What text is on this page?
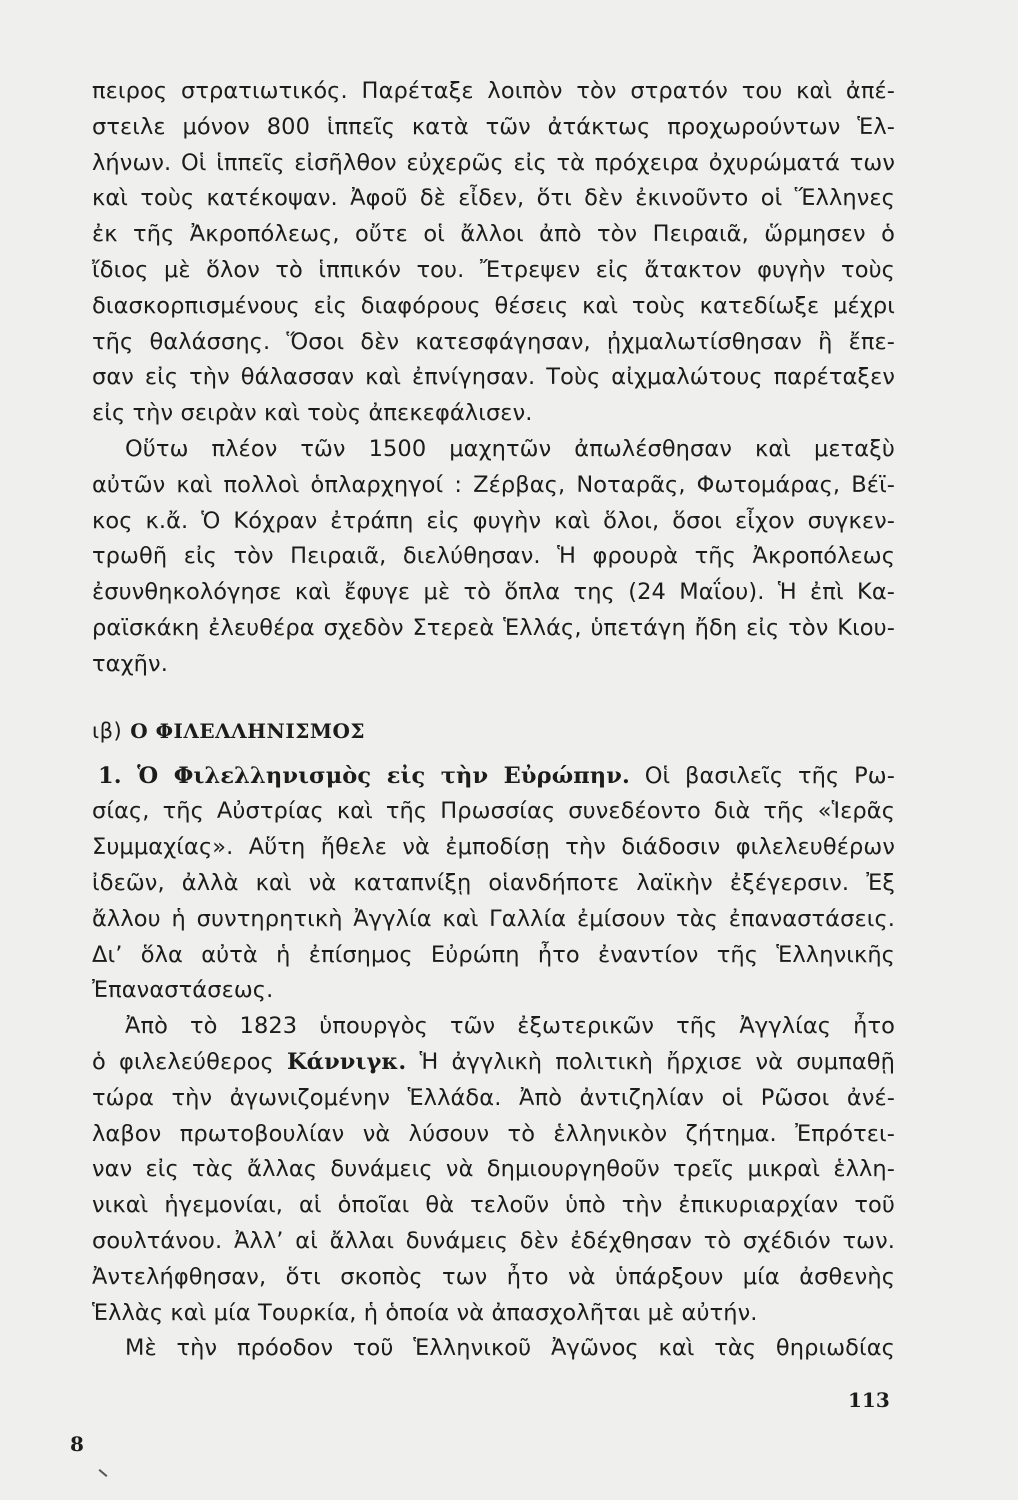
πειρος στρατιωτικός. Παρέταξε λοιπὸν τὸν στρατόν του καὶ ἀπέ-
στειλε μόνον 800 ἱππεῖς κατὰ τῶν ἀτάκτως προχωρούντων Ἑλ-
λήνων. Οἱ ἱππεῖς εἰσῆλθον εὐχερῶς εἰς τὰ πρόχειρα ὀχυρώματά των
καὶ τοὺς κατέκοψαν. Ἀφοῦ δὲ εἶδεν, ὅτι δὲν ἐκινοῦντο οἱ Ἕλληνες
ἐκ τῆς Ἀκροπόλεως, οὔτε οἱ ἄλλοι ἀπὸ τὸν Πειραιᾶ, ὥρμησεν ὁ
ἴδιος μὲ ὅλον τὸ ἱππικόν του. Ἔτρεψεν εἰς ἄτακτον φυγὴν τοὺς
διασκορπισμένους εἰς διαφόρους θέσεις καὶ τοὺς κατεδίωξε μέχρι
τῆς θαλάσσης. Ὅσοι δὲν κατεσφάγησαν, ᾐχμαλωτίσθησαν ἢ ἔπε-
σαν εἰς τὴν θάλασσαν καὶ ἐπνίγησαν. Τοὺς αἰχμαλώτους παρέταξεν
εἰς τὴν σειρὰν καὶ τοὺς ἀπεκεφάλισεν.
Οὕτω πλέον τῶν 1500 μαχητῶν ἀπωλέσθησαν καὶ μεταξὺ
αὐτῶν καὶ πολλοὶ ὁπλαρχηγοί : Ζέρβας, Νοταρᾶς, Φωτομάρας, Βέϊ-
κος κ.ἄ. Ὁ Κόχραν ἐτράπη εἰς φυγὴν καὶ ὅλοι, ὅσοι εἶχον συγκεν-
τρωθῆ εἰς τὸν Πειραιᾶ, διελύθησαν. Ἡ φρουρὰ τῆς Ἀκροπόλεως
ἐσυνθηκολόγησε καὶ ἔφυγε μὲ τὸ ὅπλα της (24 Μαΐου). Ἡ ἐπὶ Κα-
ραϊσκάκη ἐλευθέρα σχεδὸν Στερεὰ Ἑλλάς, ὑπετάγη ἤδη εἰς τὸν Κιου-
ταχῆν.
ιβ) Ο ΦΙΛΕΛΛΗΝΙΣΜΟΣ
1. Ὁ Φιλελληνισμὸς εἰς τὴν Εὐρώπην. Οἱ βασιλεῖς τῆς Ρω-
σίας, τῆς Αὐστρίας καὶ τῆς Πρωσσίας συνεδέοντο διὰ τῆς «Ἱερᾶς
Συμμαχίας». Αὕτη ἤθελε νὰ ἐμποδίσῃ τὴν διάδοσιν φιλελευθέρων
ἰδεῶν, ἀλλὰ καὶ νὰ καταπνίξῃ οἱανδήποτε λαϊκὴν ἐξέγερσιν. Ἐξ
ἄλλου ἡ συντηρητικὴ Ἀγγλία καὶ Γαλλία ἐμίσουν τὰς ἐπαναστάσεις.
Δι’ ὅλα αὐτὰ ἡ ἐπίσημος Εὐρώπη ἦτο ἐναντίον τῆς Ἑλληνικῆς
Ἐπαναστάσεως.
Ἀπὸ τὸ 1823 ὑπουργὸς τῶν ἐξωτερικῶν τῆς Ἀγγλίας ἦτο
ὁ φιλελεύθερος Κάννιγκ. Ἡ ἀγγλικὴ πολιτικὴ ἤρχισε νὰ συμπαθῇ
τώρα τὴν ἀγωνιζομένην Ἑλλάδα. Ἀπὸ ἀντιζηλίαν οἱ Ρῶσοι ἀνέ-
λαβον πρωτοβουλίαν νὰ λύσουν τὸ ἑλληνικὸν ζήτημα. Ἐπρότει-
ναν εἰς τὰς ἄλλας δυνάμεις νὰ δημιουργηθοῦν τρεῖς μικραὶ ἑλλη-
νικαὶ ἡγεμονίαι, αἱ ὁποῖαι θὰ τελοῦν ὑπὸ τὴν ἐπικυριαρχίαν τοῦ
σουλτάνου. Ἀλλ’ αἱ ἄλλαι δυνάμεις δὲν ἐδέχθησαν τὸ σχέδιόν των.
Ἀντελήφθησαν, ὅτι σκοπὸς των ἦτο νὰ ὑπάρξουν μία ἀσθενὴς
Ἑλλὰς καὶ μία Τουρκία, ἡ ὁποία νὰ ἀπασχολῆται μὲ αὐτήν.
Μὲ τὴν πρόοδον τοῦ Ἑλληνικοῦ Ἀγῶνος καὶ τὰς θηριωδίας
113
8
